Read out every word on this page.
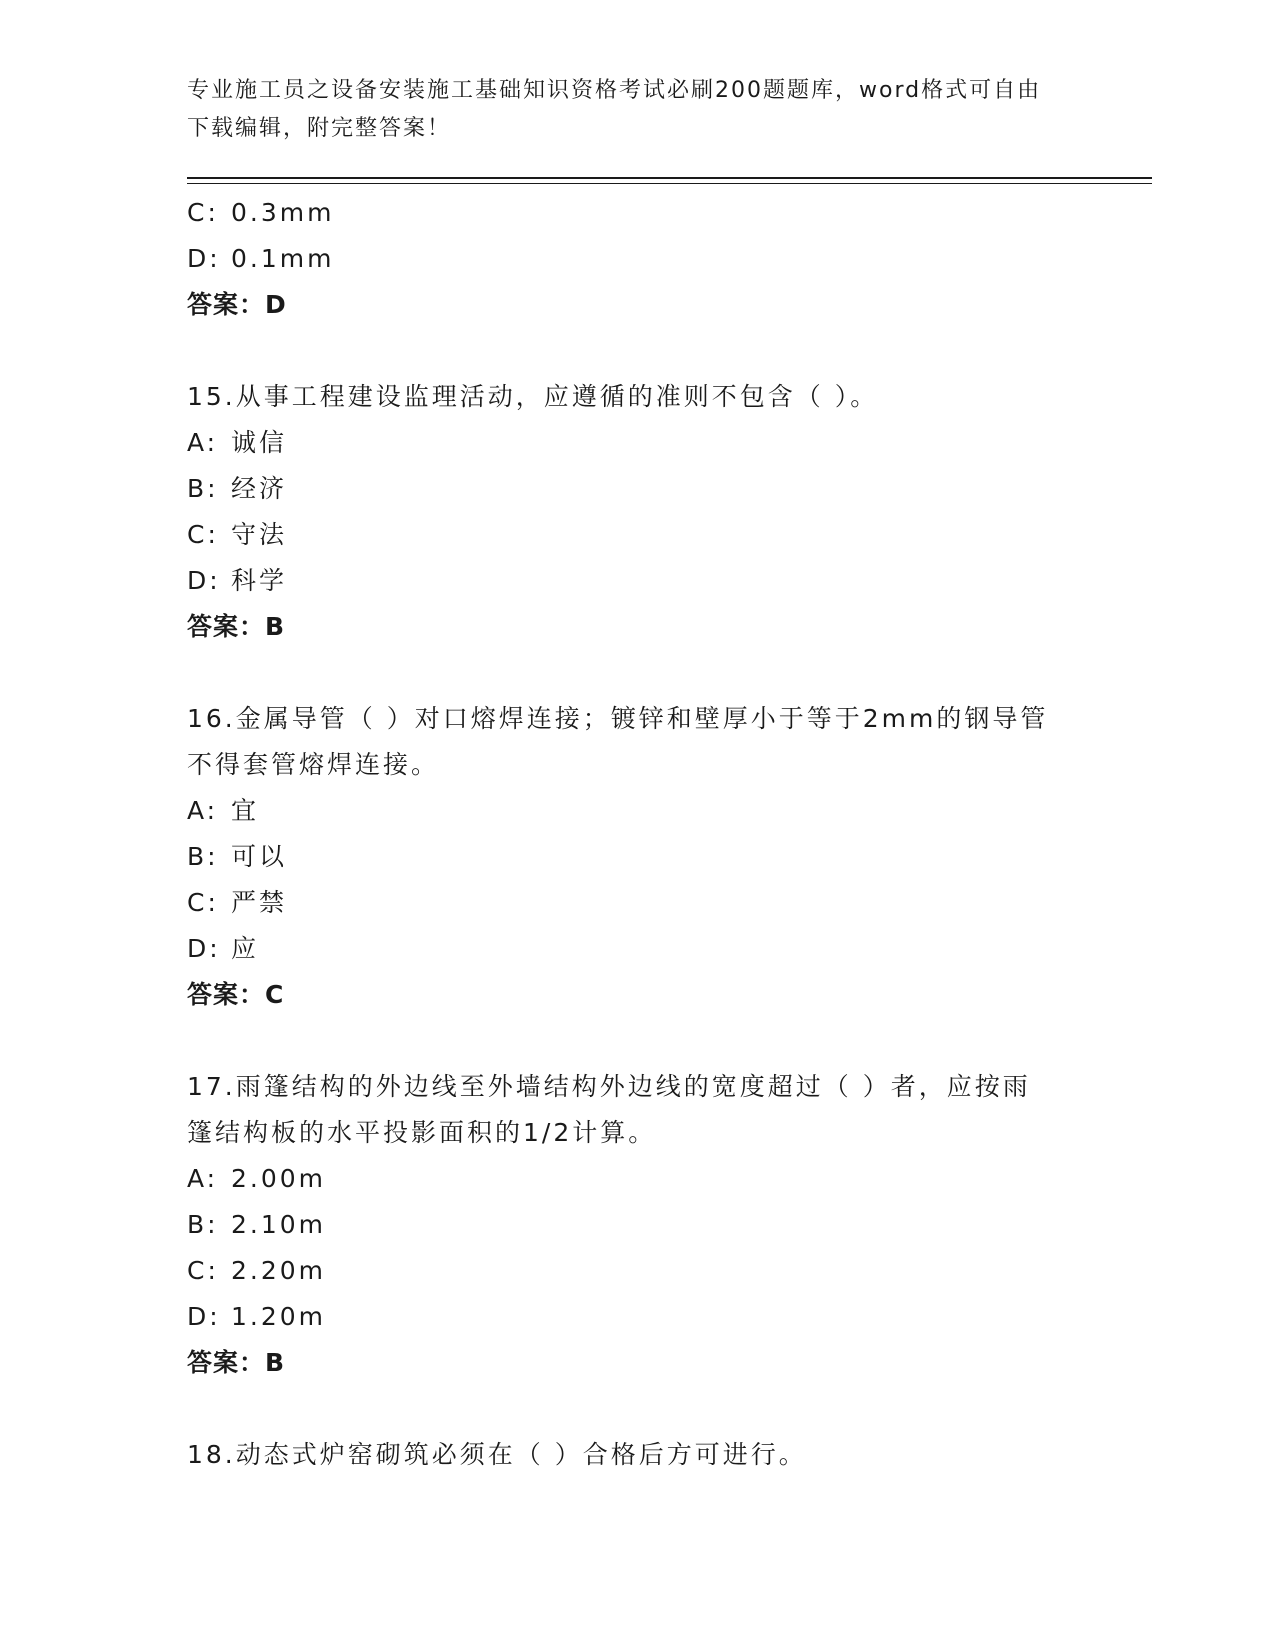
专业施工员之设备安装施工基础知识资格考试必刷200题题库，word格式可自由
下载编辑，附完整答案！
C: 0.3mm
D: 0.1mm
答案：D
15.从事工程建设监理活动，应遵循的准则不包含（ ）。
A: 诚信
B: 经济
C: 守法
D: 科学
答案：B
16.金属导管（ ）对口熔焊连接；镀锌和壁厚小于等于2mm的钢导管
不得套管熔焊连接。
A: 宜
B: 可以
C: 严禁
D: 应
答案：C
17.雨篷结构的外边线至外墙结构外边线的宽度超过（ ）者，应按雨
篷结构板的水平投影面积的1/2计算。
A: 2.00m
B: 2.10m
C: 2.20m
D: 1.20m
答案：B
18.动态式炉窑砌筑必须在（ ）合格后方可进行。
